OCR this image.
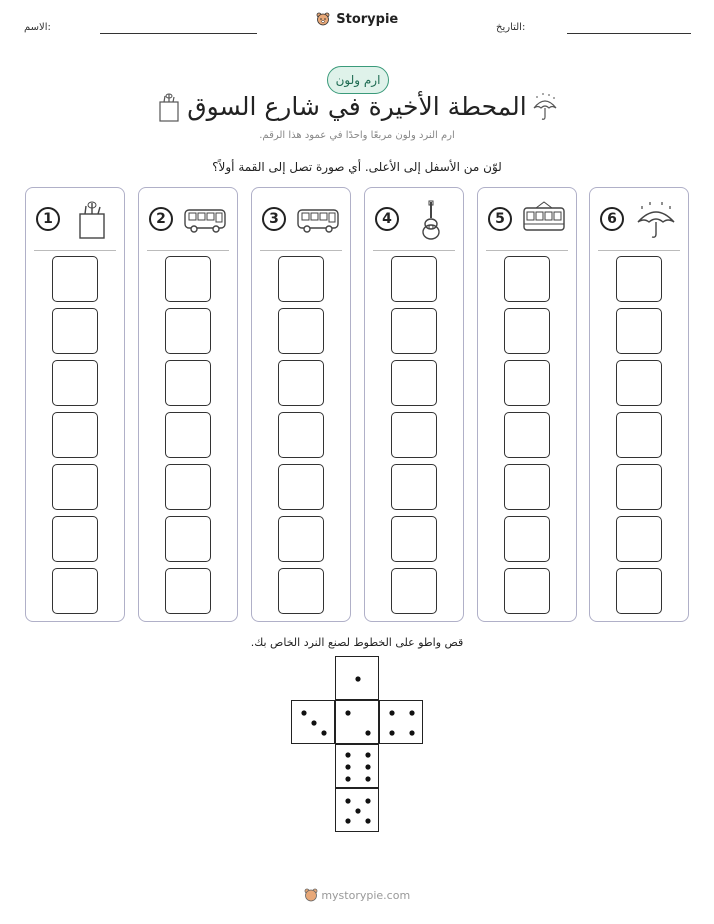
الاسم:
Storypie
التاريخ:
ارم ولون
المحطة الأخيرة في شارع السوق
ارم النرد ولون مربعًا واحدًا في عمود هذا الرقم.
لوّن من الأسفل إلى الأعلى. أي صورة تصل إلى القمة أولاً؟
1	2	3	4	5	6
قص واطو على الخطوط لصنع النرد الخاص بك.
mystorypie.com
